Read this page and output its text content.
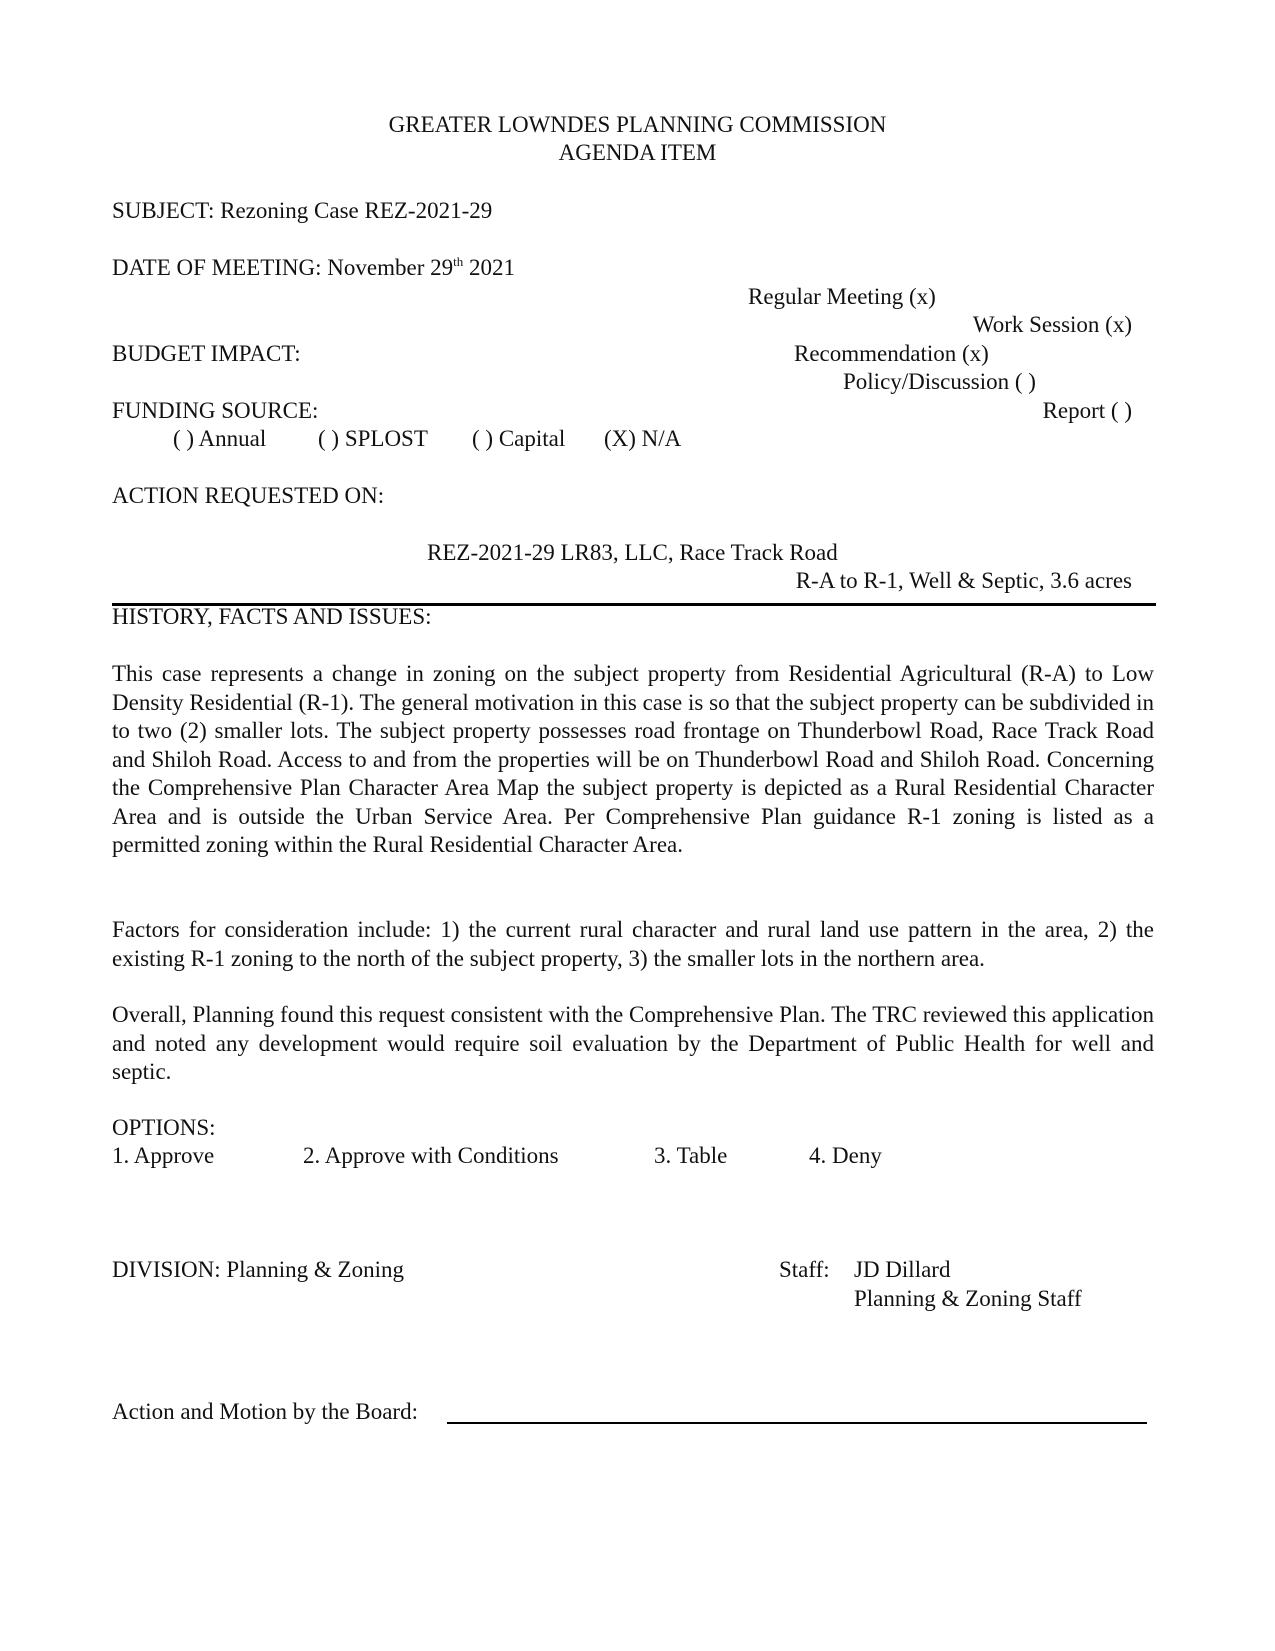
GREATER LOWNDES PLANNING COMMISSION
AGENDA ITEM
SUBJECT: Rezoning Case REZ-2021-29
DATE OF MEETING: November 29th 2021
Regular Meeting (x)
Work Session (x)
BUDGET IMPACT:	Recommendation (x)
Policy/Discussion ( )
FUNDING SOURCE:	Report ( )
( ) Annual ( ) SPLOST ( ) Capital (X) N/A
ACTION REQUESTED ON:
REZ-2021-29 LR83, LLC, Race Track Road
R-A to R-1, Well & Septic, 3.6 acres
HISTORY, FACTS AND ISSUES:
This case represents a change in zoning on the subject property from Residential Agricultural (R-A) to Low Density Residential (R-1). The general motivation in this case is so that the subject property can be subdivided in to two (2) smaller lots. The subject property possesses road frontage on Thunderbowl Road, Race Track Road and Shiloh Road. Access to and from the properties will be on Thunderbowl Road and Shiloh Road. Concerning the Comprehensive Plan Character Area Map the subject property is depicted as a Rural Residential Character Area and is outside the Urban Service Area. Per Comprehensive Plan guidance R-1 zoning is listed as a permitted zoning within the Rural Residential Character Area.
Factors for consideration include: 1) the current rural character and rural land use pattern in the area, 2) the existing R-1 zoning to the north of the subject property, 3) the smaller lots in the northern area.
Overall, Planning found this request consistent with the Comprehensive Plan. The TRC reviewed this application and noted any development would require soil evaluation by the Department of Public Health for well and septic.
OPTIONS:
1. Approve	2. Approve with Conditions	3. Table	4. Deny
DIVISION: Planning & Zoning	Staff: JD Dillard
Planning & Zoning Staff
Action and Motion by the Board:
